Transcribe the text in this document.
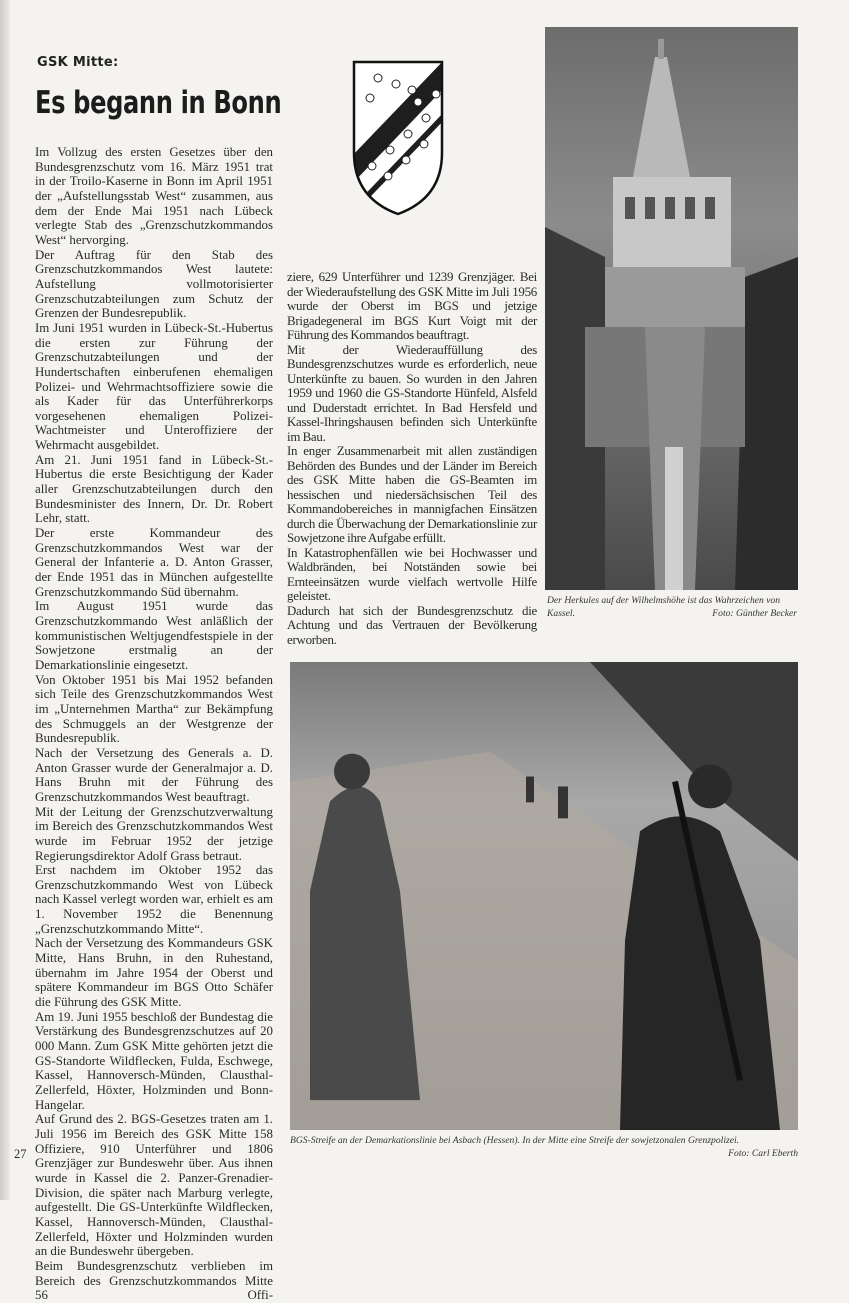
GSK Mitte:
Es begann in Bonn

Im Vollzug des ersten Gesetzes über den Bundesgrenzschutz vom 16. März 1951 trat in der Troilo-Kaserne in Bonn im April 1951 der „Aufstellungsstab West“ zusammen, aus dem der Ende Mai 1951 nach Lübeck verlegte Stab des „Grenzschutzkommandos West“ hervorging.

Der Auftrag für den Stab des Grenzschutzkommandos West lautete: Aufstellung vollmotorisierter Grenzschutzabteilungen zum Schutz der Grenzen der Bundesrepublik.

Im Juni 1951 wurden in Lübeck-St.-Hubertus die ersten zur Führung der Grenzschutzabteilungen und der Hundertschaften einberufenen ehemaligen Polizei- und Wehrmachtsoffiziere sowie die als Kader für das Unterführerkorps vorgesehenen ehemaligen Polizei-Wachtmeister und Unteroffiziere der Wehrmacht ausgebildet.

Am 21. Juni 1951 fand in Lübeck-St.-Hubertus die erste Besichtigung der Kader aller Grenzschutzabteilungen durch den Bundesminister des Innern, Dr. Dr. Robert Lehr, statt.

Der erste Kommandeur des Grenzschutzkommandos West war der General der Infanterie a. D. Anton Grasser, der Ende 1951 das in München aufgestellte Grenzschutzkommando Süd übernahm.

Im August 1951 wurde das Grenzschutzkommando West anläßlich der kommunistischen Weltjugendfestspiele in der Sowjetzone erstmalig an der Demarkationslinie eingesetzt.

Von Oktober 1951 bis Mai 1952 befanden sich Teile des Grenzschutzkommandos West im „Unternehmen Martha“ zur Bekämpfung des Schmuggels an der Westgrenze der Bundesrepublik.

Nach der Versetzung des Generals a. D. Anton Grasser wurde der Generalmajor a. D. Hans Bruhn mit der Führung des Grenzschutzkommandos West beauftragt.

Mit der Leitung der Grenzschutzverwaltung im Bereich des Grenzschutzkommandos West wurde im Februar 1952 der jetzige Regierungsdirektor Adolf Grass betraut.

Erst nachdem im Oktober 1952 das Grenzschutzkommando West von Lübeck nach Kassel verlegt worden war, erhielt es am 1. November 1952 die Benennung „Grenzschutzkommando Mitte“.

Nach der Versetzung des Kommandeurs GSK Mitte, Hans Bruhn, in den Ruhestand, übernahm im Jahre 1954 der Oberst und spätere Kommandeur im BGS Otto Schäfer die Führung des GSK Mitte.

Am 19. Juni 1955 beschloß der Bundestag die Verstärkung des Bundesgrenzschutzes auf 20 000 Mann. Zum GSK Mitte gehörten jetzt die GS-Standorte Wildflecken, Fulda, Eschwege, Kassel, Hannoversch-Münden, Clausthal-Zellerfeld, Höxter, Holzminden und Bonn-Hangelar.

Auf Grund des 2. BGS-Gesetzes traten am 1. Juli 1956 im Bereich des GSK Mitte 158 Offiziere, 910 Unterführer und 1806 Grenzjäger zur Bundeswehr über. Aus ihnen wurde in Kassel die 2. Panzer-Grenadier-Division, die später nach Marburg verlegte, aufgestellt. Die GS-Unterkünfte Wildflecken, Kassel, Hannoversch-Münden, Clausthal-Zellerfeld, Höxter und Holzminden wurden an die Bundeswehr übergeben.

Beim Bundesgrenzschutz verblieben im Bereich des Grenzschutzkommandos Mitte 56 Offi-

ziere, 629 Unterführer und 1239 Grenzjäger. Bei der Wiederaufstellung des GSK Mitte im Juli 1956 wurde der Oberst im BGS und jetzige Brigadegeneral im BGS Kurt Voigt mit der Führung des Kommandos beauftragt.

Mit der Wiederauffüllung des Bundesgrenzschutzes wurde es erforderlich, neue Unterkünfte zu bauen. So wurden in den Jahren 1959 und 1960 die GS-Standorte Hünfeld, Alsfeld und Duderstadt errichtet. In Bad Hersfeld und Kassel-Ihringshausen befinden sich Unterkünfte im Bau.

In enger Zusammenarbeit mit allen zuständigen Behörden des Bundes und der Länder im Bereich des GSK Mitte haben die GS-Beamten im hessischen und niedersächsischen Teil des Kommandobereiches in mannigfachen Einsätzen durch die Überwachung der Demarkationslinie zur Sowjetzone ihre Aufgabe erfüllt.

In Katastrophenfällen wie bei Hochwasser und Waldbränden, bei Notständen sowie bei Ernteeinsätzen wurde vielfach wertvolle Hilfe geleistet.

Dadurch hat sich der Bundesgrenzschutz die Achtung und das Vertrauen der Bevölkerung erworben.

27
Der Herkules auf der Wilhelmshöhe ist das Wahrzeichen von Kassel.	Foto: Günther Becker
BGS-Streife an der Demarkationslinie bei Asbach (Hessen). In der Mitte eine Streife der sowjetzonalen Grenzpolizei.
Foto: Carl Eberth
